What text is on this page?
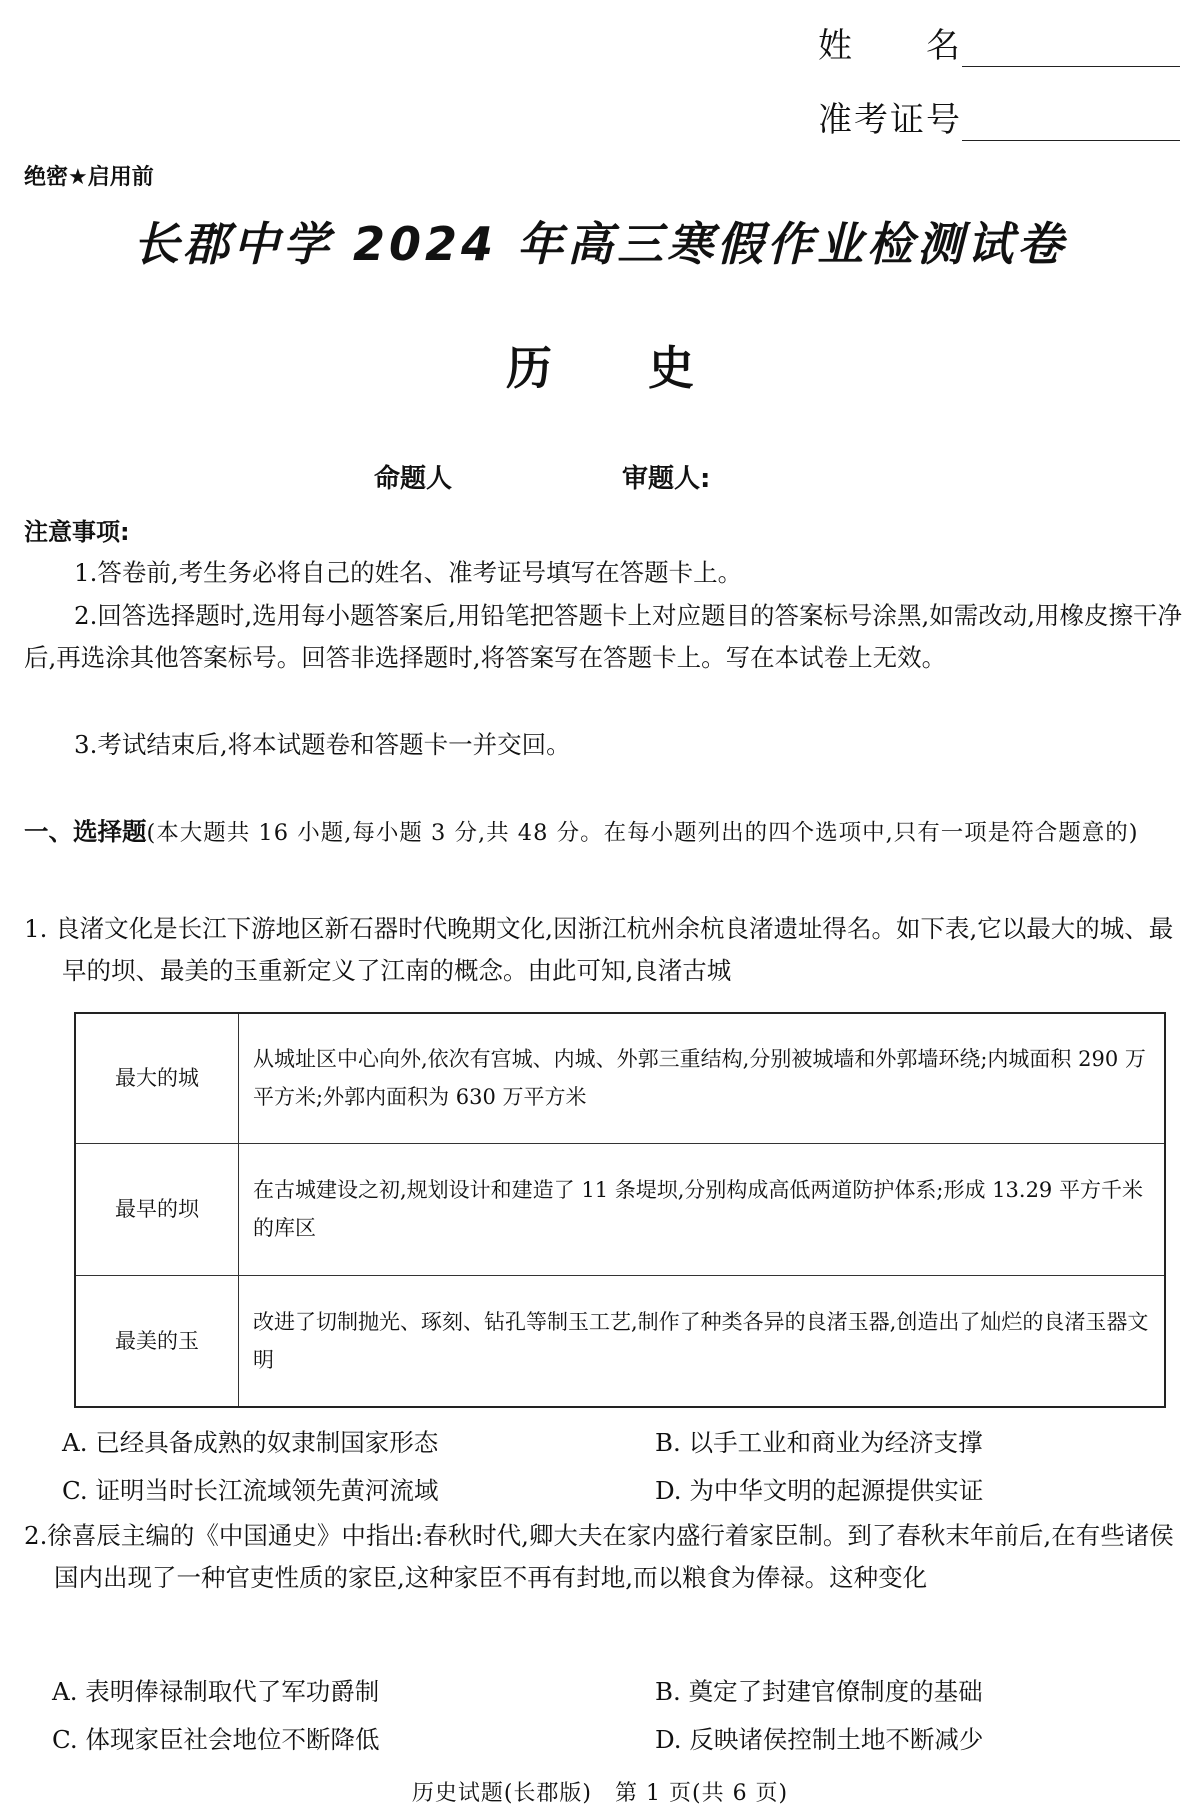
姓　　名
准考证号
绝密★启用前
长郡中学 2024 年高三寒假作业检测试卷
历 史
命题人	审题人:
注意事项:
1.答卷前,考生务必将自己的姓名、准考证号填写在答题卡上。
2.回答选择题时,选用每小题答案后,用铅笔把答题卡上对应题目的答案标号涂黑,如需改动,用橡皮擦干净后,再选涂其他答案标号。回答非选择题时,将答案写在答题卡上。写在本试卷上无效。
3.考试结束后,将本试题卷和答题卡一并交回。
一、选择题(本大题共 16 小题,每小题 3 分,共 48 分。在每小题列出的四个选项中,只有一项是符合题意的)
1. 良渚文化是长江下游地区新石器时代晚期文化,因浙江杭州余杭良渚遗址得名。如下表,它以最大的城、最早的坝、最美的玉重新定义了江南的概念。由此可知,良渚古城
最大的城	从城址区中心向外,依次有宫城、内城、外郭三重结构,分别被城墙和外郭墙环绕;内城面积 290 万平方米;外郭内面积为 630 万平方米
最早的坝	在古城建设之初,规划设计和建造了 11 条堤坝,分别构成高低两道防护体系;形成 13.29 平方千米的库区
最美的玉	改进了切制抛光、琢刻、钻孔等制玉工艺,制作了种类各异的良渚玉器,创造出了灿烂的良渚玉器文明
A. 已经具备成熟的奴隶制国家形态	B. 以手工业和商业为经济支撑
C. 证明当时长江流域领先黄河流域	D. 为中华文明的起源提供实证
2.徐喜辰主编的《中国通史》中指出:春秋时代,卿大夫在家内盛行着家臣制。到了春秋末年前后,在有些诸侯国内出现了一种官吏性质的家臣,这种家臣不再有封地,而以粮食为俸禄。这种变化
A. 表明俸禄制取代了军功爵制	B. 奠定了封建官僚制度的基础
C. 体现家臣社会地位不断降低	D. 反映诸侯控制土地不断减少
历史试题(长郡版)　第 1 页(共 6 页)
